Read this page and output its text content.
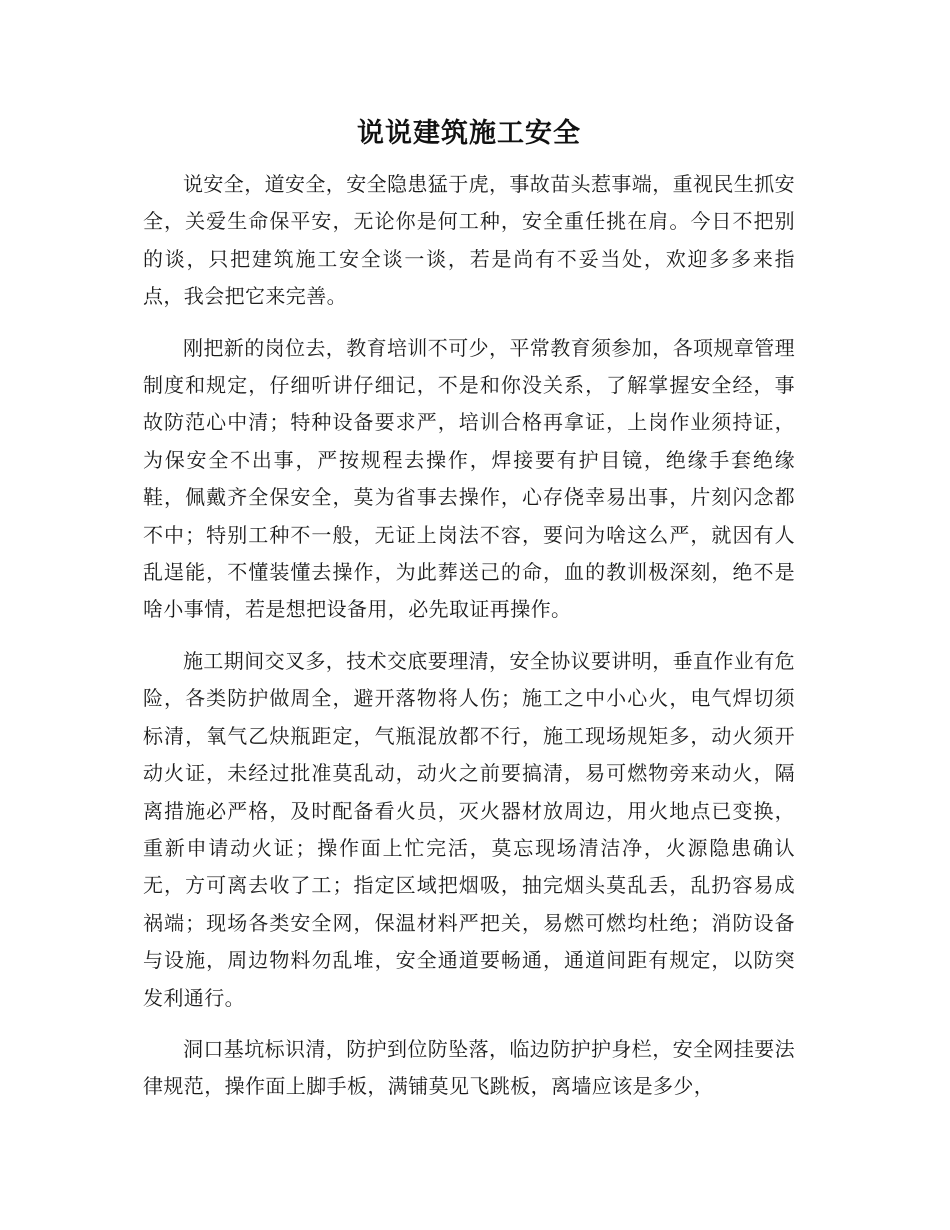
说说建筑施工安全

说安全，道安全，安全隐患猛于虎，事故苗头惹事端，重视民生抓安全，关爱生命保平安，无论你是何工种，安全重任挑在肩。今日不把别的谈，只把建筑施工安全谈一谈，若是尚有不妥当处，欢迎多多来指点，我会把它来完善。

刚把新的岗位去，教育培训不可少，平常教育须参加，各项规章管理制度和规定，仔细听讲仔细记，不是和你没关系，了解掌握安全经，事故防范心中清；特种设备要求严，培训合格再拿证，上岗作业须持证，为保安全不出事，严按规程去操作，焊接要有护目镜，绝缘手套绝缘鞋，佩戴齐全保安全，莫为省事去操作，心存侥幸易出事，片刻闪念都不中；特别工种不一般，无证上岗法不容，要问为啥这么严，就因有人乱逞能，不懂装懂去操作，为此葬送己的命，血的教训极深刻，绝不是啥小事情，若是想把设备用，必先取证再操作。

施工期间交叉多，技术交底要理清，安全协议要讲明，垂直作业有危险，各类防护做周全，避开落物将人伤；施工之中小心火，电气焊切须标清，氧气乙炔瓶距定，气瓶混放都不行，施工现场规矩多，动火须开动火证，未经过批准莫乱动，动火之前要搞清，易可燃物旁来动火，隔离措施必严格，及时配备看火员，灭火器材放周边，用火地点已变换，重新申请动火证；操作面上忙完活，莫忘现场清洁净，火源隐患确认无，方可离去收了工；指定区域把烟吸，抽完烟头莫乱丢，乱扔容易成祸端；现场各类安全网，保温材料严把关，易燃可燃均杜绝；消防设备与设施，周边物料勿乱堆，安全通道要畅通，通道间距有规定，以防突发利通行。

洞口基坑标识清，防护到位防坠落，临边防护护身栏，安全网挂要法律规范，操作面上脚手板，满铺莫见飞跳板，离墙应该是多少，
